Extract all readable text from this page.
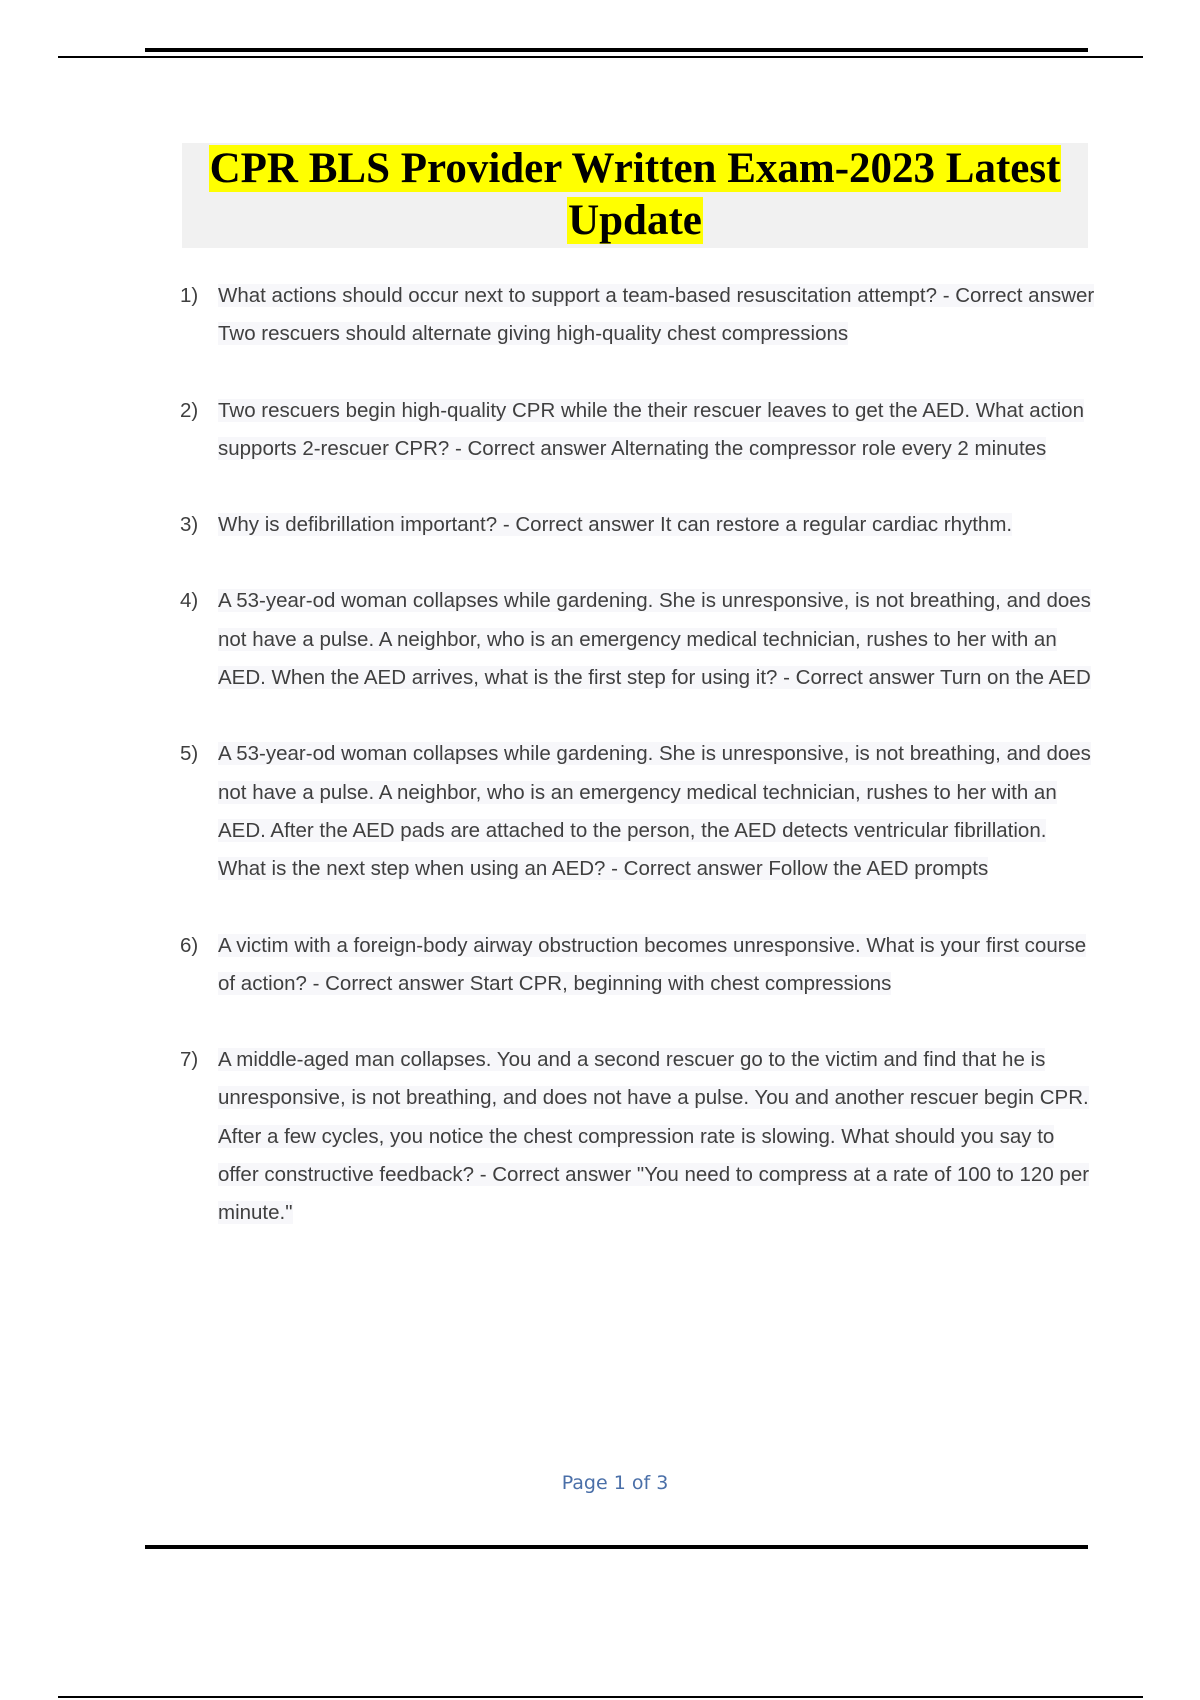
CPR BLS Provider Written Exam-2023 Latest
Update
1) What actions should occur next to support a team-based resuscitation attempt? - Correct answer Two rescuers should alternate giving high-quality chest compressions
2) Two rescuers begin high-quality CPR while the their rescuer leaves to get the AED. What action supports 2-rescuer CPR? - Correct answer Alternating the compressor role every 2 minutes
3) Why is defibrillation important? - Correct answer It can restore a regular cardiac rhythm.
4) A 53-year-od woman collapses while gardening. She is unresponsive, is not breathing, and does not have a pulse. A neighbor, who is an emergency medical technician, rushes to her with an AED. When the AED arrives, what is the first step for using it? - Correct answer Turn on the AED
5) A 53-year-od woman collapses while gardening. She is unresponsive, is not breathing, and does not have a pulse. A neighbor, who is an emergency medical technician, rushes to her with an AED. After the AED pads are attached to the person, the AED detects ventricular fibrillation. What is the next step when using an AED? - Correct answer Follow the AED prompts
6) A victim with a foreign-body airway obstruction becomes unresponsive. What is your first course of action? - Correct answer Start CPR, beginning with chest compressions
7) A middle-aged man collapses. You and a second rescuer go to the victim and find that he is unresponsive, is not breathing, and does not have a pulse. You and another rescuer begin CPR. After a few cycles, you notice the chest compression rate is slowing. What should you say to offer constructive feedback? - Correct answer "You need to compress at a rate of 100 to 120 per minute."
Page 1 of 3
